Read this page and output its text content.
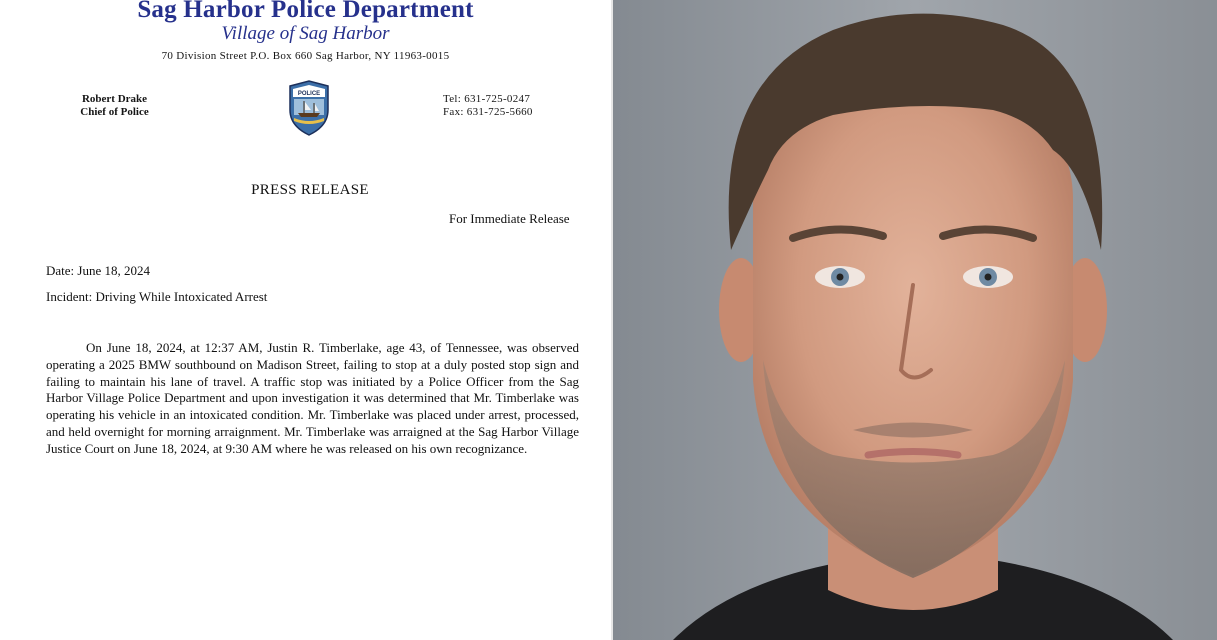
Sag Harbor Police Department
Village of Sag Harbor
70 Division Street P.O. Box 660 Sag Harbor, NY 11963-0015
Robert Drake
Chief of Police
POLICE	Tel: 631-725-0247
Fax: 631-725-5660
PRESS RELEASE
For Immediate Release
Date: June 18, 2024
Incident: Driving While Intoxicated Arrest
On June 18, 2024, at 12:37 AM, Justin R. Timberlake, age 43, of Tennessee, was observed operating a 2025 BMW southbound on Madison Street, failing to stop at a duly posted stop sign and failing to maintain his lane of travel. A traffic stop was initiated by a Police Officer from the Sag Harbor Village Police Department and upon investigation it was determined that Mr. Timberlake was operating his vehicle in an intoxicated condition. Mr. Timberlake was placed under arrest, processed, and held overnight for morning arraignment. Mr. Timberlake was arraigned at the Sag Harbor Village Justice Court on June 18, 2024, at 9:30 AM where he was released on his own recognizance.
